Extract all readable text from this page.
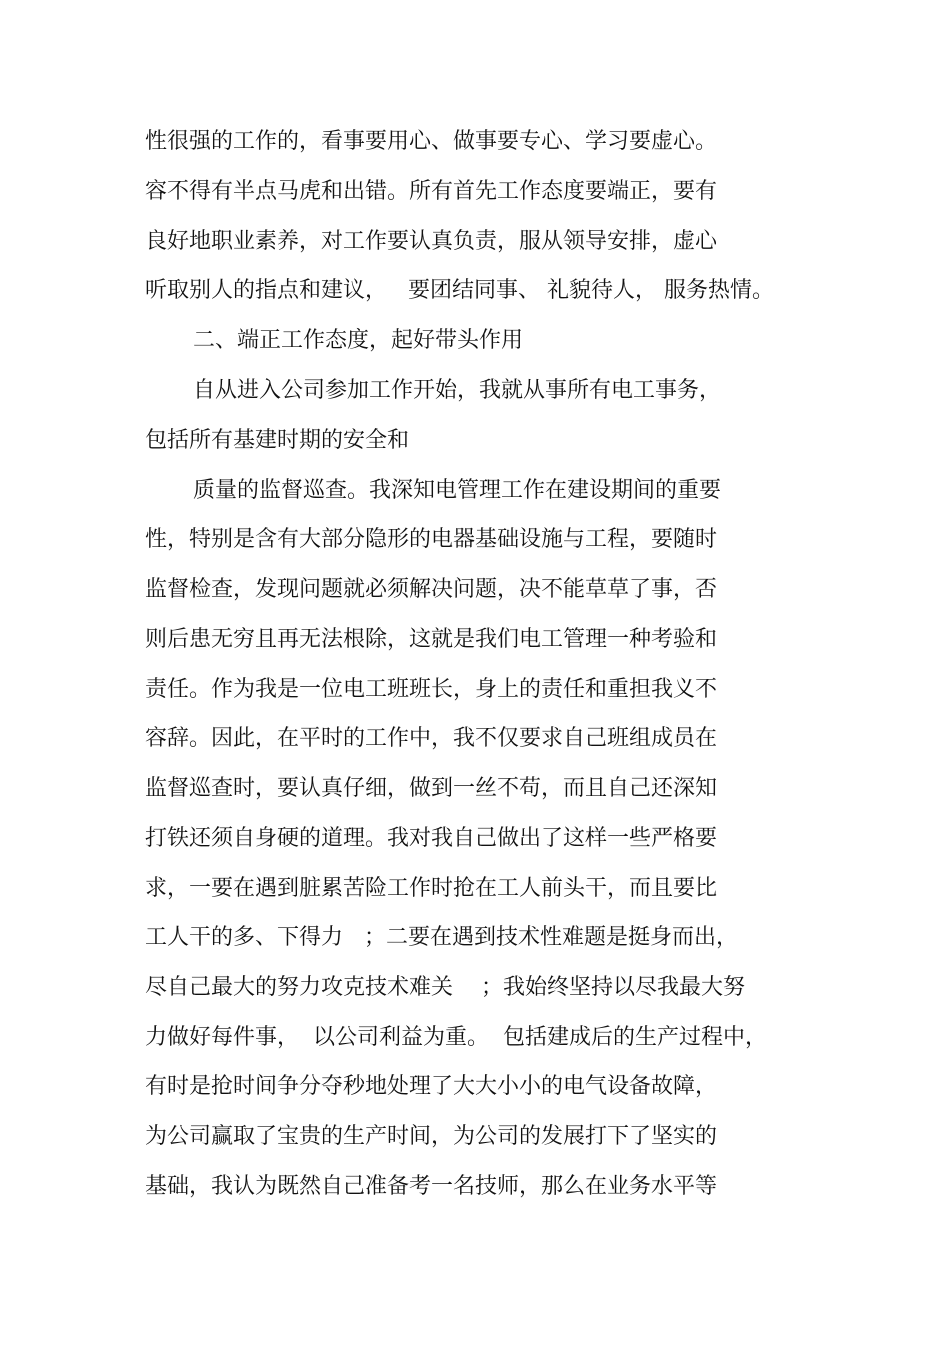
性很强的工作的，看事要用心、做事要专心、学习要虚心。
容不得有半点马虎和出错。所有首先工作态度要端正，要有
良好地职业素养，对工作要认真负责，服从领导安排，虚心
听取别人的指点和建议，   要团结同事、 礼貌待人， 服务热情。
二、端正工作态度，起好带头作用
自从进入公司参加工作开始，我就从事所有电工事务，
包括所有基建时期的安全和
质量的监督巡查。我深知电管理工作在建设期间的重要
性，特别是含有大部分隐形的电器基础设施与工程，要随时
监督检查，发现问题就必须解决问题，决不能草草了事，否
则后患无穷且再无法根除，这就是我们电工管理一种考验和
责任。作为我是一位电工班班长，身上的责任和重担我义不
容辞。因此，在平时的工作中，我不仅要求自己班组成员在
监督巡查时，要认真仔细，做到一丝不苟，而且自己还深知
打铁还须自身硬的道理。我对我自己做出了这样一些严格要
求，一要在遇到脏累苦险工作时抢在工人前头干，而且要比
工人干的多、下得力   ；二要在遇到技术性难题是挺身而出，
尽自己最大的努力攻克技术难关    ；我始终坚持以尽我最大努
力做好每件事，  以公司利益为重。  包括建成后的生产过程中，
有时是抢时间争分夺秒地处理了大大小小的电气设备故障，
为公司赢取了宝贵的生产时间，为公司的发展打下了坚实的
基础，我认为既然自己准备考一名技师，那么在业务水平等
